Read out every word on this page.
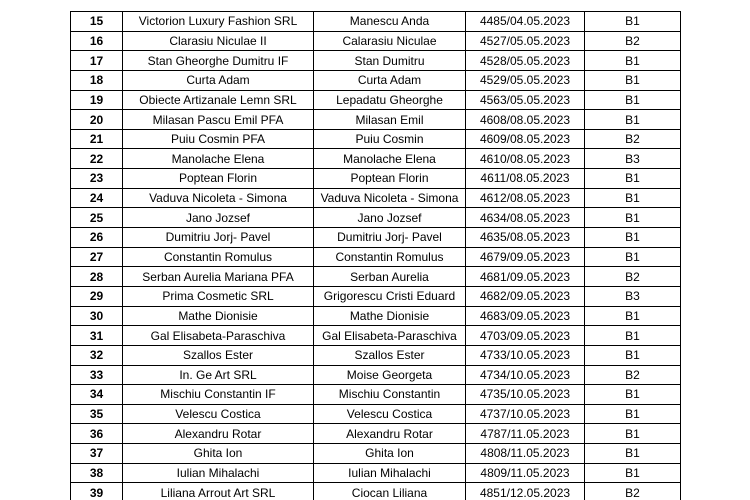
15	Victorion Luxury Fashion SRL	Manescu Anda	4485/04.05.2023	B1
16	Clarasiu Niculae II	Calarasiu Niculae	4527/05.05.2023	B2
17	Stan Gheorghe Dumitru IF	Stan Dumitru	4528/05.05.2023	B1
18	Curta Adam	Curta Adam	4529/05.05.2023	B1
19	Obiecte Artizanale Lemn SRL	Lepadatu Gheorghe	4563/05.05.2023	B1
20	Milasan Pascu Emil PFA	Milasan Emil	4608/08.05.2023	B1
21	Puiu Cosmin PFA	Puiu Cosmin	4609/08.05.2023	B2
22	Manolache Elena	Manolache Elena	4610/08.05.2023	B3
23	Poptean Florin	Poptean Florin	4611/08.05.2023	B1
24	Vaduva Nicoleta - Simona	Vaduva Nicoleta - Simona	4612/08.05.2023	B1
25	Jano Jozsef	Jano Jozsef	4634/08.05.2023	B1
26	Dumitriu Jorj- Pavel	Dumitriu Jorj- Pavel	4635/08.05.2023	B1
27	Constantin Romulus	Constantin Romulus	4679/09.05.2023	B1
28	Serban Aurelia Mariana PFA	Serban Aurelia	4681/09.05.2023	B2
29	Prima Cosmetic SRL	Grigorescu Cristi Eduard	4682/09.05.2023	B3
30	Mathe Dionisie	Mathe Dionisie	4683/09.05.2023	B1
31	Gal Elisabeta-Paraschiva	Gal Elisabeta-Paraschiva	4703/09.05.2023	B1
32	Szallos Ester	Szallos Ester	4733/10.05.2023	B1
33	In. Ge Art SRL	Moise Georgeta	4734/10.05.2023	B2
34	Mischiu Constantin IF	Mischiu Constantin	4735/10.05.2023	B1
35	Velescu Costica	Velescu Costica	4737/10.05.2023	B1
36	Alexandru Rotar	Alexandru Rotar	4787/11.05.2023	B1
37	Ghita Ion	Ghita Ion	4808/11.05.2023	B1
38	Iulian Mihalachi	Iulian Mihalachi	4809/11.05.2023	B1
39	Liliana Arrout Art SRL	Ciocan Liliana	4851/12.05.2023	B2
